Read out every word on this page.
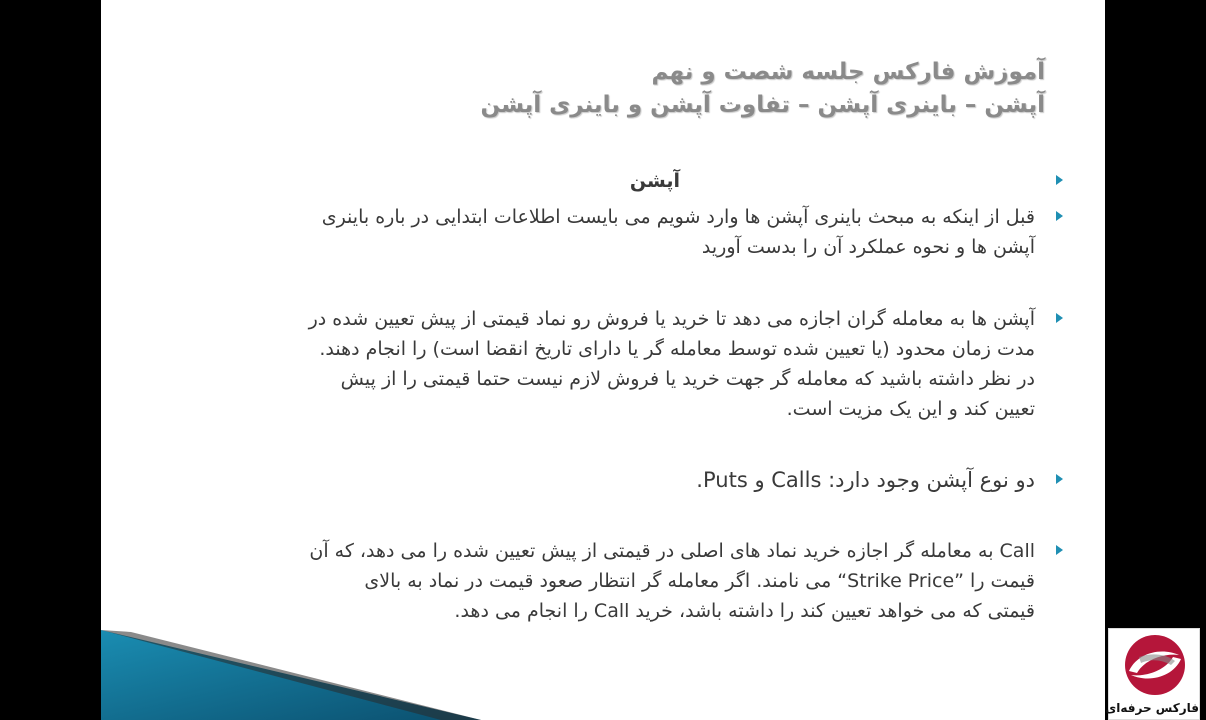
آموزش فارکس جلسه شصت و نهم
آپشن – باینری آپشن – تفاوت آپشن و باینری آپشن
آپشن
قبل از اینکه به مبحث باینری آپشن ها وارد شویم می بایست اطلاعات ابتدایی در باره باینری
آپشن ها و نحوه عملکرد آن را بدست آورید
آپشن ها به معامله گران اجازه می دهد تا خرید یا فروش رو نماد قیمتی از پیش تعیین شده در
مدت زمان محدود (یا تعیین شده توسط معامله گر یا دارای تاریخ انقضا است) را انجام دهند.
در نظر داشته باشید که معامله گر جهت خرید یا فروش لازم نیست حتما قیمتی را از پیش
تعیین کند و این یک مزیت است.
دو نوع آپشن وجود دارد: Calls و Puts.
Call به معامله گر اجازه خرید نماد های اصلی در قیمتی از پیش تعیین شده را می دهد، که آن
قیمت را ”Strike Price“ می نامند. اگر معامله گر انتظار صعود قیمت در نماد به بالای
قیمتی که می خواهد تعیین کند را داشته باشد، خرید Call را انجام می دهد.
فارکس حرفه‌ای
